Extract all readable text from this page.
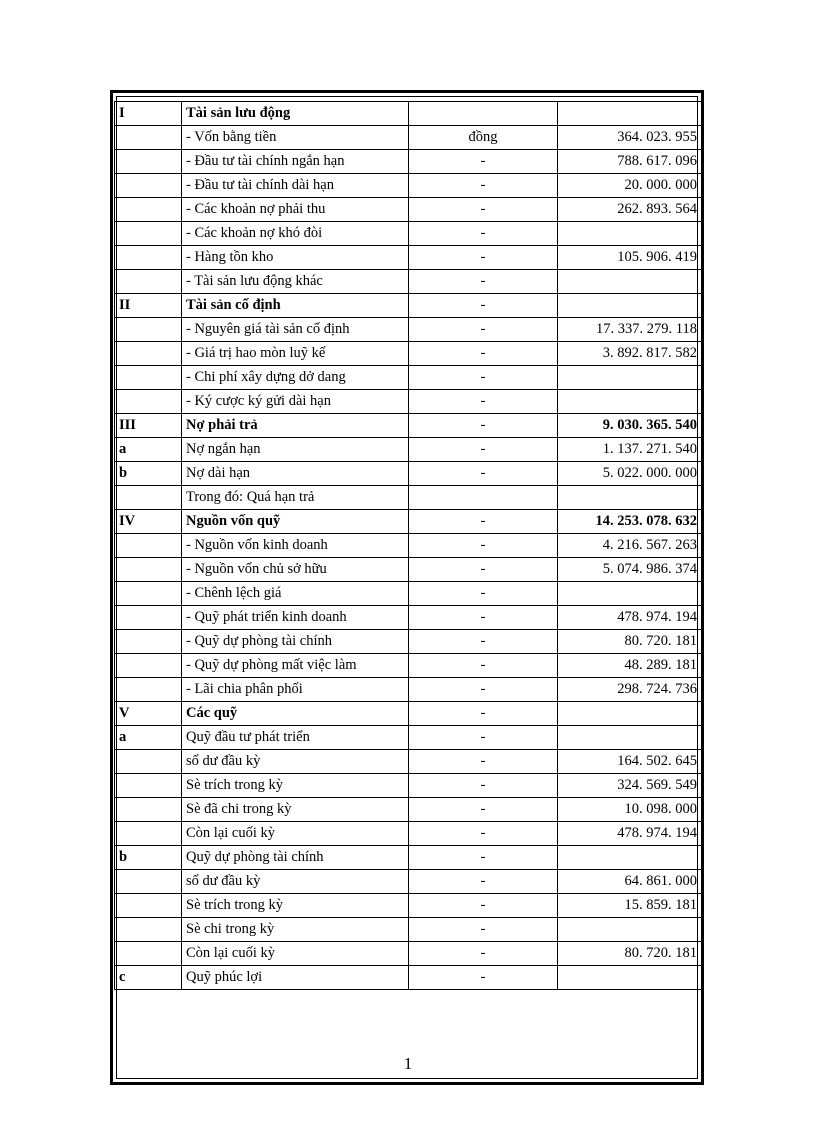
I	Tài sản lưu động		
	- Vốn bằng tiền	đồng	364. 023. 955
	- Đầu tư tài chính ngắn hạn	-	788. 617. 096
	- Đầu tư tài chính dài hạn	-	20. 000. 000
	- Các khoản nợ phải thu	-	262. 893. 564
	- Các khoản nợ khó đòi	-	
	- Hàng tồn kho	-	105. 906. 419
	- Tài sản lưu động khác	-	
II	Tài sản cố định	-	
	- Nguyên giá tài sản cố định	-	17. 337. 279. 118
	- Giá trị hao mòn luỹ kế	-	3. 892. 817. 582
	- Chi phí xây dựng dở dang	-	
	- Ký cược ký gửi dài hạn	-	
III	Nợ phải trả	-	9. 030. 365. 540
a	Nợ ngắn hạn	-	1. 137. 271. 540
b	Nợ dài hạn	-	5. 022. 000. 000
	Trong đó: Quá hạn trả		
IV	Nguồn vốn quỹ	-	14. 253. 078. 632
	- Nguồn vốn kinh doanh	-	4. 216. 567. 263
	- Nguồn vốn chủ sở hữu	-	5. 074. 986. 374
	- Chênh lệch giá	-	
	- Quỹ phát triển kinh doanh	-	478. 974. 194
	- Quỹ dự phòng tài chính	-	80. 720. 181
	- Quỹ dự phòng mất việc làm	-	48. 289. 181
	- Lãi chia phân phối	-	298. 724. 736
V	Các quỹ	-	
a	Quỹ đầu tư phát triển	-	
	số dư đầu kỳ	-	164. 502. 645
	Sè trích trong kỳ	-	324. 569. 549
	Sè đã chi trong kỳ	-	10. 098. 000
	Còn lại cuối kỳ	-	478. 974. 194
b	Quỹ dự phòng tài chính	-	
	số dư đầu kỳ	-	64. 861. 000
	Sè trích trong kỳ	-	15. 859. 181
	Sè chi trong kỳ	-	
	Còn lại cuối kỳ	-	80. 720. 181
c	Quỹ phúc lợi	-	
1
